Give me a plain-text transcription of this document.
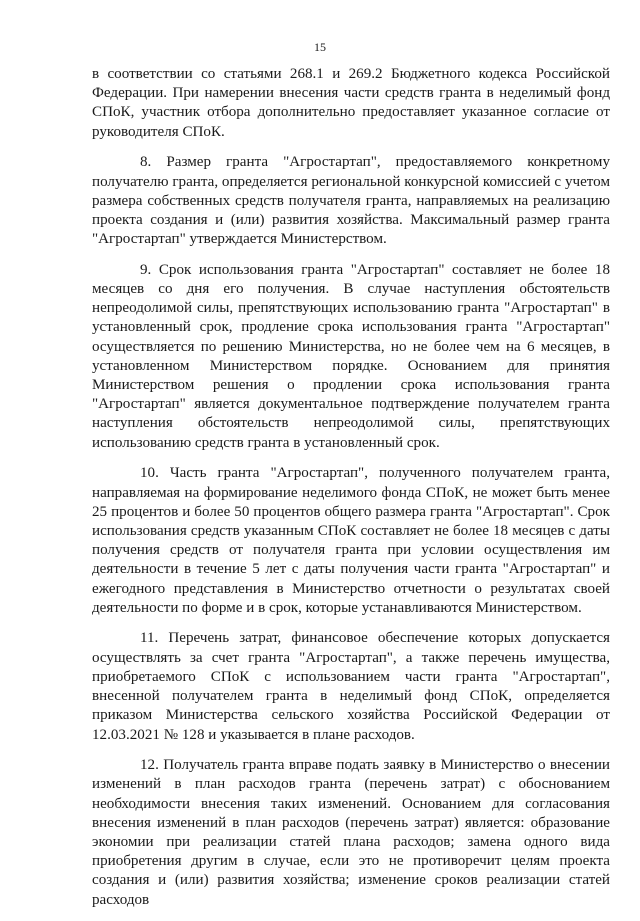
15

в соответствии со статьями 268.1 и 269.2 Бюджетного кодекса Российской Федерации. При намерении внесения части средств гранта в неделимый фонд СПоК, участник отбора дополнительно предоставляет указанное согласие от руководителя СПоК.

8. Размер гранта "Агростартап", предоставляемого конкретному получателю гранта, определяется региональной конкурсной комиссией с учетом размера собственных средств получателя гранта, направляемых на реализацию проекта создания и (или) развития хозяйства. Максимальный размер гранта "Агростартап" утверждается Министерством.

9. Срок использования гранта "Агростартап" составляет не более 18 месяцев со дня его получения. В случае наступления обстоятельств непреодолимой силы, препятствующих использованию гранта "Агростартап" в установленный срок, продление срока использования гранта "Агростартап" осуществляется по решению Министерства, но не более чем на 6 месяцев, в установленном Министерством порядке. Основанием для принятия Министерством решения о продлении срока использования гранта "Агростартап" является документальное подтверждение получателем гранта наступления обстоятельств непреодолимой силы, препятствующих использованию средств гранта в установленный срок.

10. Часть гранта "Агростартап", полученного получателем гранта, направляемая на формирование неделимого фонда СПоК, не может быть менее 25 процентов и более 50 процентов общего размера гранта "Агростартап". Срок использования средств указанным СПоК составляет не более 18 месяцев с даты получения средств от получателя гранта при условии осуществления им деятельности в течение 5 лет с даты получения части гранта "Агростартап" и ежегодного представления в Министерство отчетности о результатах своей деятельности по форме и в срок, которые устанавливаются Министерством.

11. Перечень затрат, финансовое обеспечение которых допускается осуществлять за счет гранта "Агростартап", а также перечень имущества, приобретаемого СПоК с использованием части гранта "Агростартап", внесенной получателем гранта в неделимый фонд СПоК, определяется приказом Министерства сельского хозяйства Российской Федерации от 12.03.2021 № 128 и указывается в плане расходов.

12. Получатель гранта вправе подать заявку в Министерство о внесении изменений в план расходов гранта (перечень затрат) с обоснованием необходимости внесения таких изменений. Основанием для согласования внесения изменений в план расходов (перечень затрат) является: образование экономии при реализации статей плана расходов; замена одного вида приобретения другим в случае, если это не противоречит целям проекта создания и (или) развития хозяйства; изменение сроков реализации статей расходов
